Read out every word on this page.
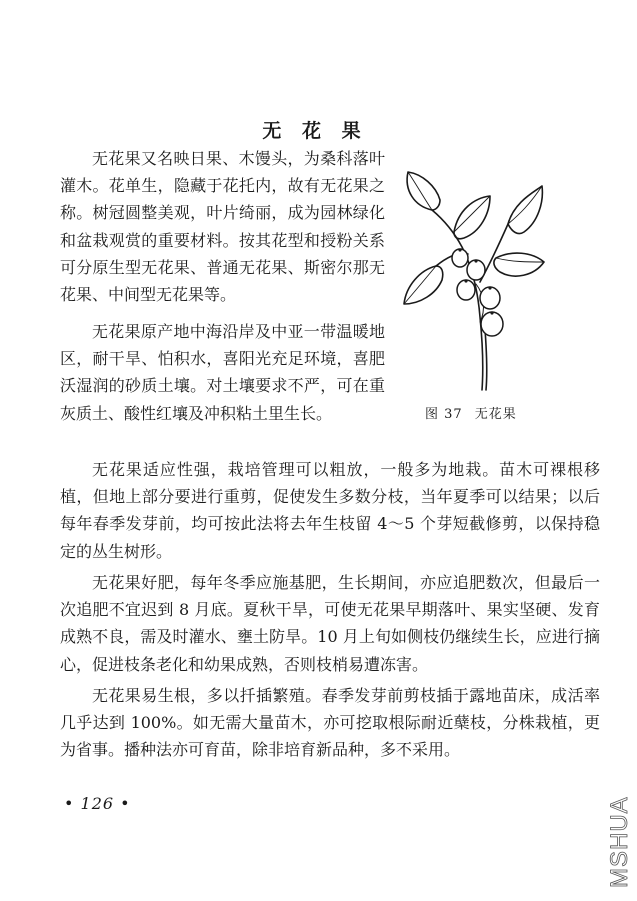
无 花 果

无花果又名映日果、木馒头，为桑科落叶灌木。花单生，隐藏于花托内，故有无花果之称。树冠圆整美观，叶片绮丽，成为园林绿化和盆栽观赏的重要材料。按其花型和授粉关系可分原生型无花果、普通无花果、斯密尔那无花果、中间型无花果等。

无花果原产地中海沿岸及中亚一带温暖地区，耐干旱、怕积水，喜阳光充足环境，喜肥沃湿润的砂质土壤。对土壤要求不严，可在重灰质土、酸性红壤及冲积粘土里生长。

无花果适应性强，栽培管理可以粗放，一般多为地栽。苗木可裸根移植，但地上部分要进行重剪，促使发生多数分枝，当年夏季可以结果；以后每年春季发芽前，均可按此法将去年生枝留 4～5 个芽短截修剪，以保持稳定的丛生树形。

无花果好肥，每年冬季应施基肥，生长期间，亦应追肥数次，但最后一次追肥不宜迟到 8 月底。夏秋干旱，可使无花果早期落叶、果实坚硬、发育成熟不良，需及时灌水、壅土防旱。10 月上旬如侧枝仍继续生长，应进行摘心，促进枝条老化和幼果成熟，否则枝梢易遭冻害。

无花果易生根，多以扦插繁殖。春季发芽前剪枝插于露地苗床，成活率几乎达到 100%。如无需大量苗木，亦可挖取根际耐近蘖枝，分株栽植，更为省事。播种法亦可育苗，除非培育新品种，多不采用。

图 37 无花果
• 126 •	MSHUA
